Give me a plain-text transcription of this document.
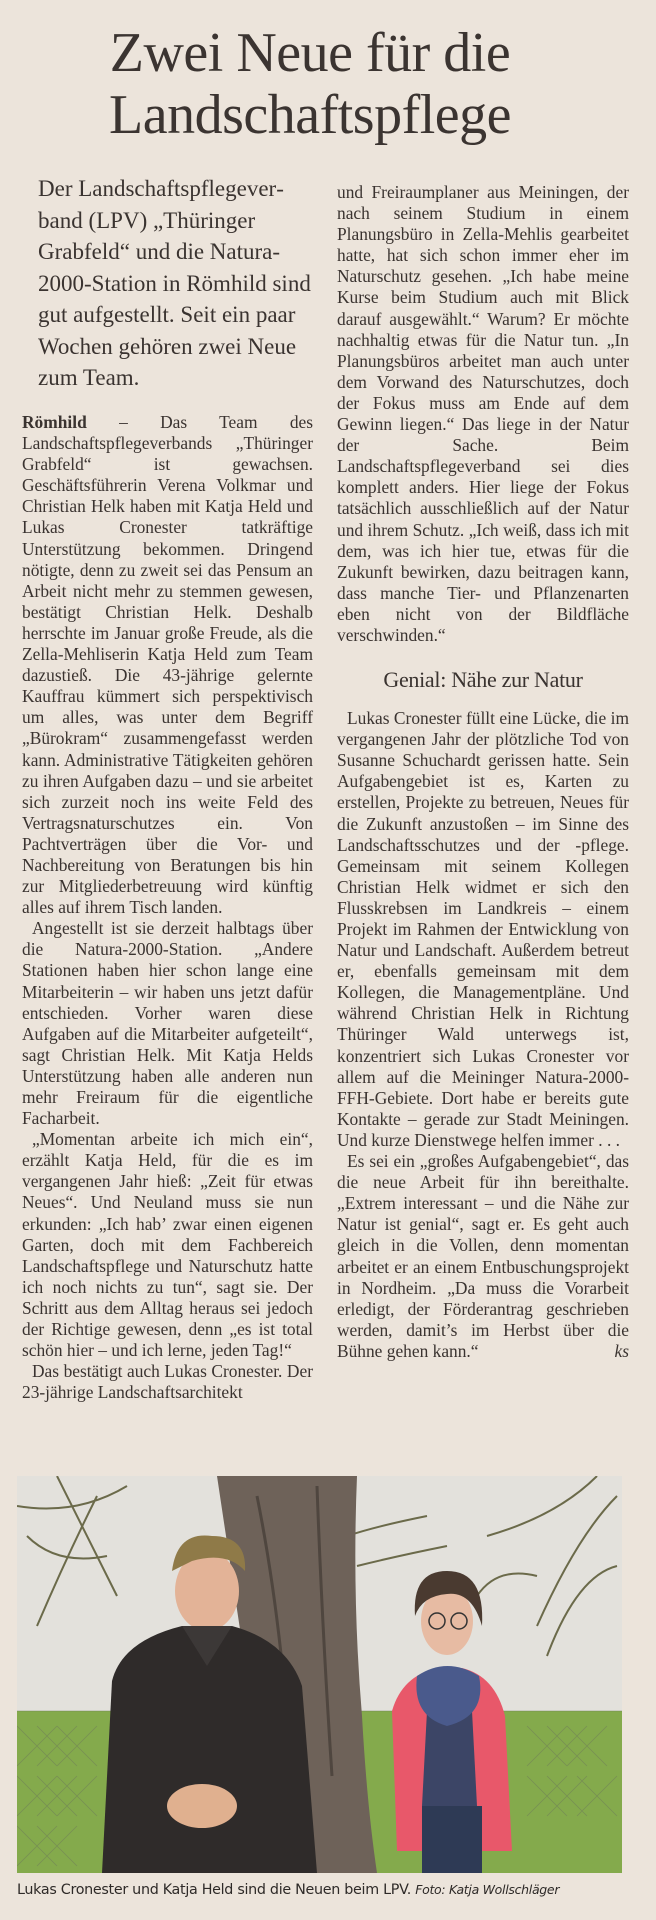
Zwei Neue für die
Landschaftspflege
Der Landschaftspflegeverband (LPV) „Thüringer Grabfeld“ und die Natura-2000-Station in Römhild sind gut aufgestellt. Seit ein paar Wochen gehören zwei Neue zum Team.

Römhild – Das Team des Landschaftspflegeverbands „Thüringer Grabfeld“ ist gewachsen. Geschäftsführerin Verena Volkmar und Christian Helk haben mit Katja Held und Lukas Cronester tatkräftige Unterstützung bekommen. Dringend nötigte, denn zu zweit sei das Pensum an Arbeit nicht mehr zu stemmen gewesen, bestätigt Christian Helk. Deshalb herrschte im Januar große Freude, als die Zella-Mehliserin Katja Held zum Team dazustieß. Die 43-jährige gelernte Kauffrau kümmert sich perspektivisch um alles, was unter dem Begriff „Bürokram“ zusammengefasst werden kann. Administrative Tätigkeiten gehören zu ihren Aufgaben dazu – und sie arbeitet sich zurzeit noch ins weite Feld des Vertragsnaturschutzes ein. Von Pachtverträgen über die Vor- und Nachbereitung von Beratungen bis hin zur Mitgliederbetreuung wird künftig alles auf ihrem Tisch landen.

Angestellt ist sie derzeit halbtags über die Natura-2000-Station. „Andere Stationen haben hier schon lange eine Mitarbeiterin – wir haben uns jetzt dafür entschieden. Vorher waren diese Aufgaben auf die Mitarbeiter aufgeteilt“, sagt Christian Helk. Mit Katja Helds Unterstützung haben alle anderen nun mehr Freiraum für die eigentliche Facharbeit.

„Momentan arbeite ich mich ein“, erzählt Katja Held, für die es im vergangenen Jahr hieß: „Zeit für etwas Neues“. Und Neuland muss sie nun erkunden: „Ich hab’ zwar einen eigenen Garten, doch mit dem Fachbereich Landschaftspflege und Naturschutz hatte ich noch nichts zu tun“, sagt sie. Der Schritt aus dem Alltag heraus sei jedoch der Richtige gewesen, denn „es ist total schön hier – und ich lerne, jeden Tag!“

Das bestätigt auch Lukas Cronester. Der 23-jährige Landschaftsarchitekt

und Freiraumplaner aus Meiningen, der nach seinem Studium in einem Planungsbüro in Zella-Mehlis gearbeitet hatte, hat sich schon immer eher im Naturschutz gesehen. „Ich habe meine Kurse beim Studium auch mit Blick darauf ausgewählt.“ Warum? Er möchte nachhaltig etwas für die Natur tun. „In Planungsbüros arbeitet man auch unter dem Vorwand des Naturschutzes, doch der Fokus muss am Ende auf dem Gewinn liegen.“ Das liege in der Natur der Sache. Beim Landschaftspflegeverband sei dies komplett anders. Hier liege der Fokus tatsächlich ausschließlich auf der Natur und ihrem Schutz. „Ich weiß, dass ich mit dem, was ich hier tue, etwas für die Zukunft bewirken, dazu beitragen kann, dass manche Tier- und Pflanzenarten eben nicht von der Bildfläche verschwinden.“

Genial: Nähe zur Natur

Lukas Cronester füllt eine Lücke, die im vergangenen Jahr der plötzliche Tod von Susanne Schuchardt gerissen hatte. Sein Aufgabengebiet ist es, Karten zu erstellen, Projekte zu betreuen, Neues für die Zukunft anzustoßen – im Sinne des Landschaftsschutzes und der -pflege. Gemeinsam mit seinem Kollegen Christian Helk widmet er sich den Flusskrebsen im Landkreis – einem Projekt im Rahmen der Entwicklung von Natur und Landschaft. Außerdem betreut er, ebenfalls gemeinsam mit dem Kollegen, die Managementpläne. Und während Christian Helk in Richtung Thüringer Wald unterwegs ist, konzentriert sich Lukas Cronester vor allem auf die Meininger Natura-2000-FFH-Gebiete. Dort habe er bereits gute Kontakte – gerade zur Stadt Meiningen. Und kurze Dienstwege helfen immer . . .

Es sei ein „großes Aufgabengebiet“, das die neue Arbeit für ihn bereithalte. „Extrem interessant – und die Nähe zur Natur ist genial“, sagt er. Es geht auch gleich in die Vollen, denn momentan arbeitet er an einem Entbuschungsprojekt in Nordheim. „Da muss die Vorarbeit erledigt, der Förderantrag geschrieben werden, damit’s im Herbst über die Bühne gehen kann.“	ks

Lukas Cronester und Katja Held sind die Neuen beim LPV. Foto: Katja Wollschläger
